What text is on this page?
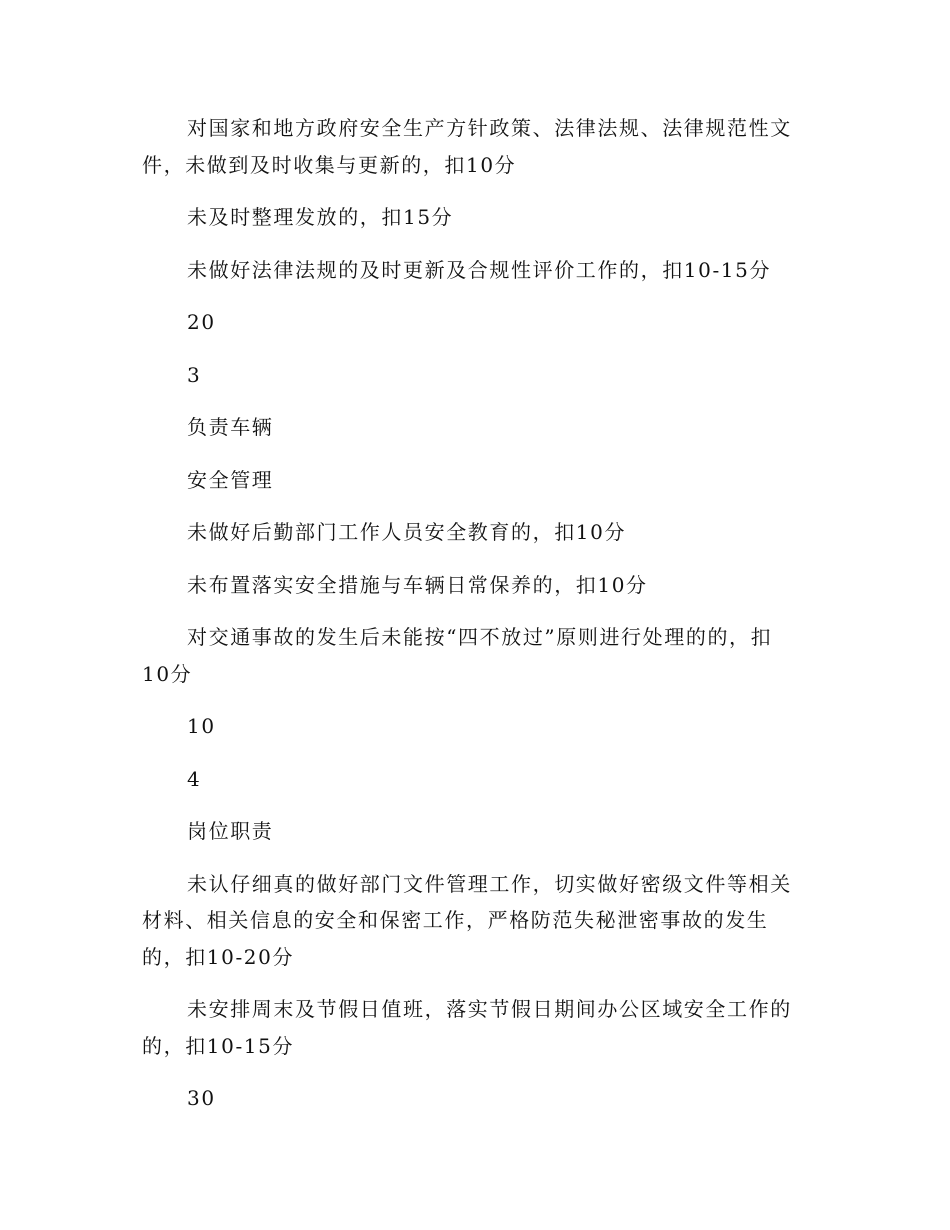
对国家和地方政府安全生产方针政策、法律法规、法律规范性文件，未做到及时收集与更新的，扣10分

未及时整理发放的，扣15分

未做好法律法规的及时更新及合规性评价工作的，扣10-15分

20

3

负责车辆

安全管理

未做好后勤部门工作人员安全教育的，扣10分

未布置落实安全措施与车辆日常保养的，扣10分

对交通事故的发生后未能按“四不放过”原则进行处理的的，扣10分

10

4

岗位职责

未认仔细真的做好部门文件管理工作，切实做好密级文件等相关材料、相关信息的安全和保密工作，严格防范失秘泄密事故的发生的，扣10-20分

未安排周末及节假日值班，落实节假日期间办公区域安全工作的的，扣10-15分

30
